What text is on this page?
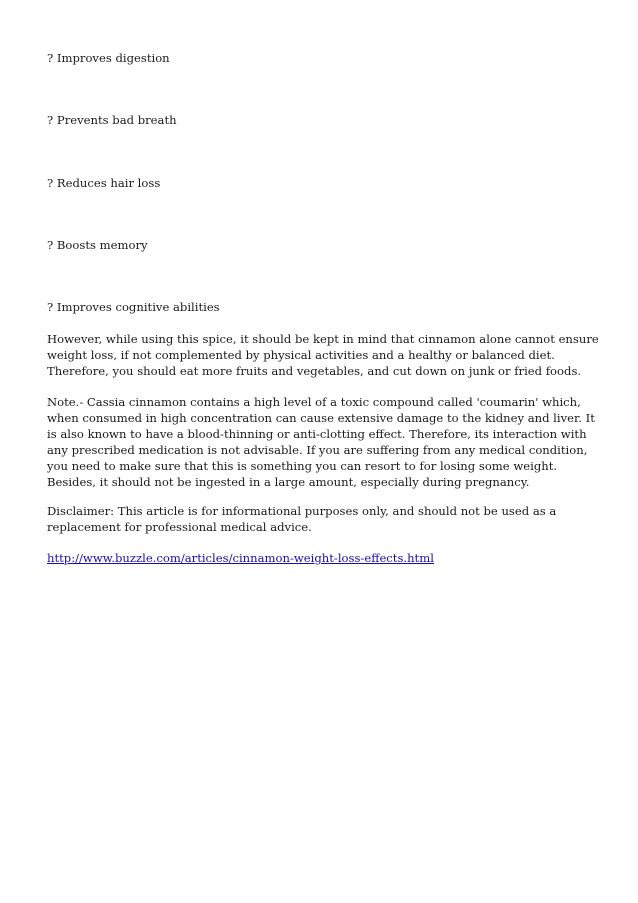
? Improves digestion
? Prevents bad breath
? Reduces hair loss
? Boosts memory
? Improves cognitive abilities

However, while using this spice, it should be kept in mind that cinnamon alone cannot ensure weight loss, if not complemented by physical activities and a healthy or balanced diet. Therefore, you should eat more fruits and vegetables, and cut down on junk or fried foods.

Note.- Cassia cinnamon contains a high level of a toxic compound called 'coumarin' which, when consumed in high concentration can cause extensive damage to the kidney and liver. It is also known to have a blood-thinning or anti-clotting effect. Therefore, its interaction with any prescribed medication is not advisable. If you are suffering from any medical condition, you need to make sure that this is something you can resort to for losing some weight. Besides, it should not be ingested in a large amount, especially during pregnancy.

Disclaimer: This article is for informational purposes only, and should not be used as a replacement for professional medical advice.

http://www.buzzle.com/articles/cinnamon-weight-loss-effects.html
